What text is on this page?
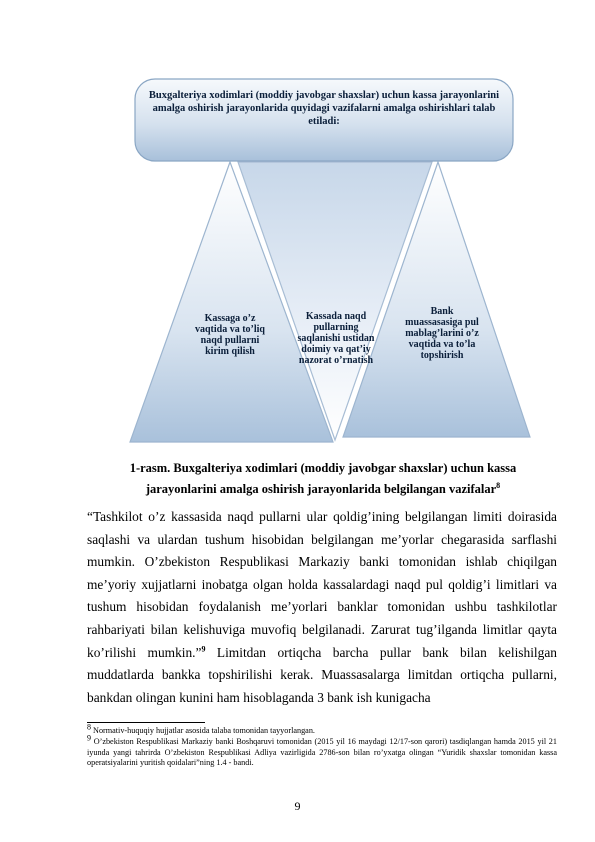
Buxgalteriya xodimlari (moddiy javobgar shaxslar) uchun kassa jarayonlarini amalga oshirish jarayonlarida quyidagi vazifalarni amalga oshirishlari talab etiladi:
Kassaga o’z
vaqtida va to’liq
naqd pullarni
kirim qilish
Kassada naqd
pullarning
saqlanishi ustidan
doimiy va qat’iy
nazorat o’rnatish
Bank
muassasasiga pul
mablag’larini o’z
vaqtida va to’la
topshirish
1-rasm. Buxgalteriya xodimlari (moddiy javobgar shaxslar) uchun kassa
jarayonlarini amalga oshirish jarayonlarida belgilangan vazifalar$^8$

“Tashkilot o’z kassasida naqd pullarni ular qoldig’ining belgilangan limiti doirasida saqlashi va ulardan tushum hisobidan belgilangan me’yorlar chegarasida sarflashi mumkin. O’zbekiston Respublikasi Markaziy banki tomonidan ishlab chiqilgan me’yoriy xujjatlarni inobatga olgan holda kassalardagi naqd pul qoldig’i limitlari va tushum hisobidan foydalanish me’yorlari banklar tomonidan ushbu tashkilotlar rahbariyati bilan kelishuviga muvofiq belgilanadi. Zarurat tug’ilganda limitlar qayta ko’rilishi mumkin.”$^9$ Limitdan ortiqcha barcha pullar bank bilan kelishilgan muddatlarda bankka topshirilishi kerak. Muassasalarga limitdan ortiqcha pullarni, bankdan olingan kunini ham hisoblaganda 3 bank ish kunigacha

$^8$ Normativ-huquqiy hujjatlar asosida talaba tomonidan tayyorlangan.
$^9$ O’zbekiston Respublikasi Markaziy banki Boshqaruvi tomonidan (2015 yil 16 maydagi 12/17-son qarori) tasdiqlangan hamda 2015 yil 21 iyunda yangi tahrirda O’zbekiston Respublikasi Adliya vazirligida 2786-son bilan ro’yxatga olingan “Yuridik shaxslar tomonidan kassa operatsiyalarini yuritish qoidalari”ning 1.4 - bandi.
9
